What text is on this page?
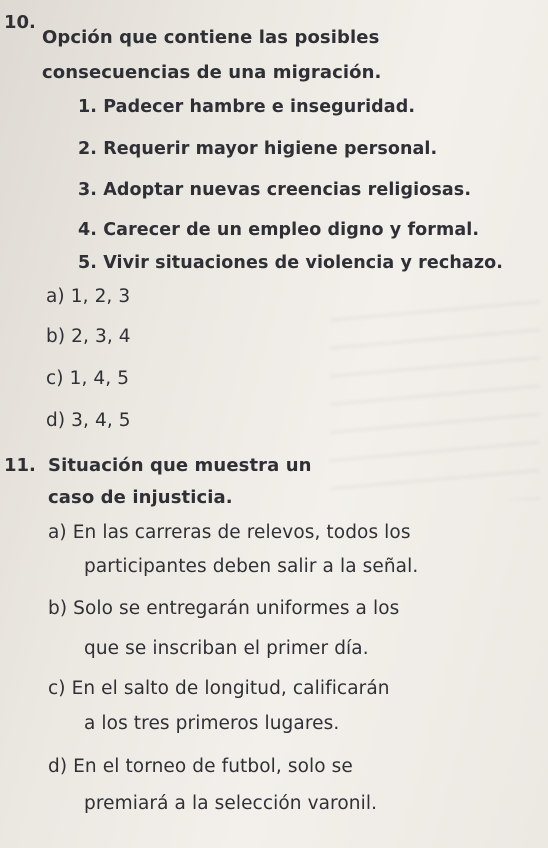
10.
Opción que contiene las posibles
consecuencias de una migración.
1. Padecer hambre e inseguridad.
2. Requerir mayor higiene personal.
3. Adoptar nuevas creencias religiosas.
4. Carecer de un empleo digno y formal.
5. Vivir situaciones de violencia y rechazo.
a) 1, 2, 3
b) 2, 3, 4
c) 1, 4, 5
d) 3, 4, 5
11. Situación que muestra un
caso de injusticia.
a) En las carreras de relevos, todos los
participantes deben salir a la señal.
b) Solo se entregarán uniformes a los
que se inscriban el primer día.
c) En el salto de longitud, calificarán
a los tres primeros lugares.
d) En el torneo de futbol, solo se
premiará a la selección varonil.
